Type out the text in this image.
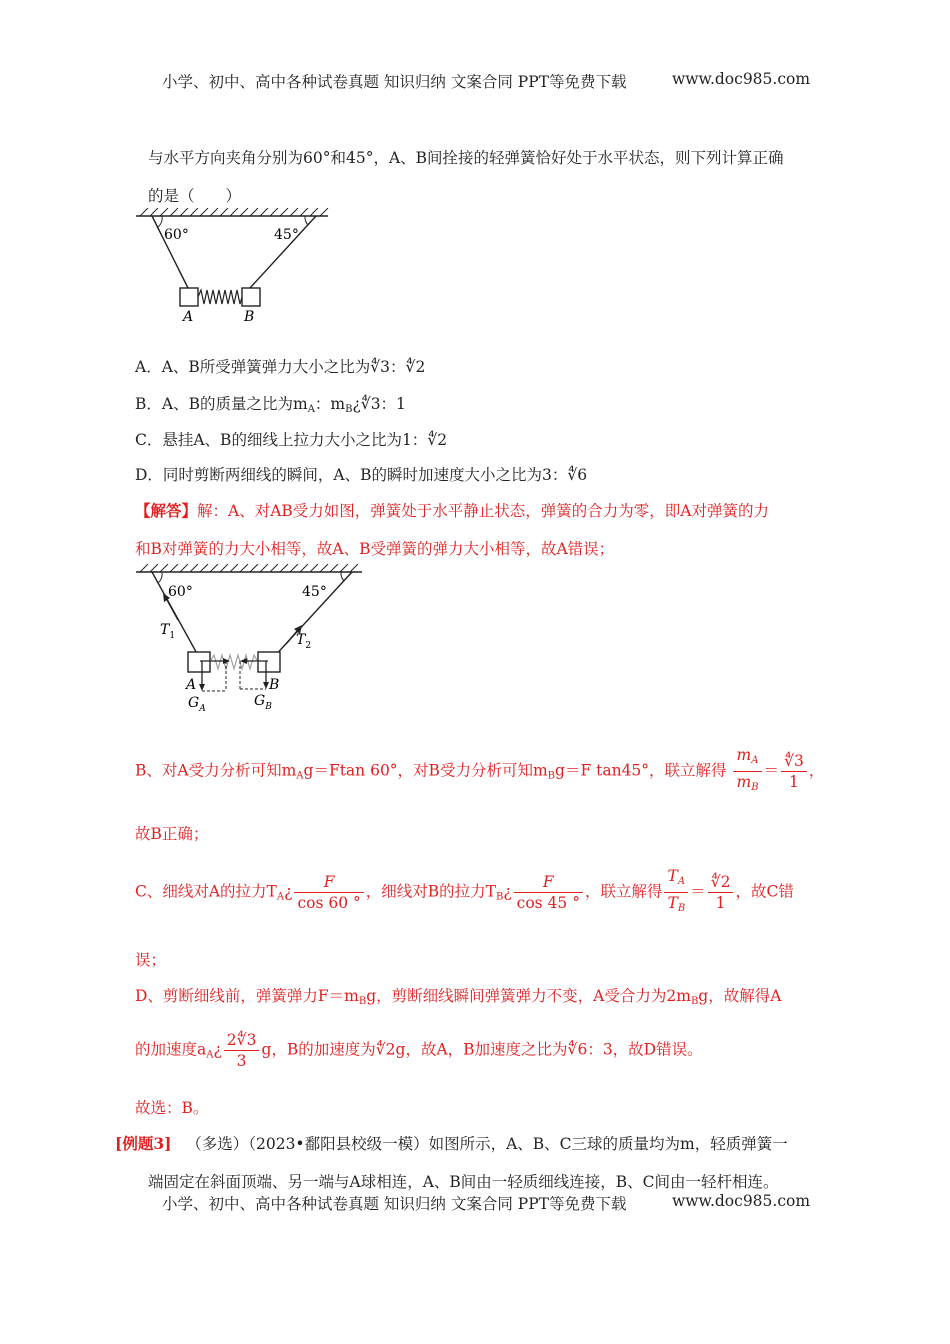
小学、初中、高中各种试卷真题 知识归纳 文案合同 PPT等免费下载	www.doc985.com
与水平方向夹角分别为60°和45°，A、B间拴接的轻弹簧恰好处于水平状态，则下列计算正确
的是（　　）
60°	45°
A	B
A．A、B所受弹簧弹力大小之比为∜3：∜2
B．A、B的质量之比为$m_A$：$m_B¿∜3$：1
C．悬挂A、B的细线上拉力大小之比为1：∜2
D．同时剪断两细线的瞬间，A、B的瞬时加速度大小之比为3：∜6
【解答】解：A、对AB受力如图，弹簧处于水平静止状态，弹簧的合力为零，即A对弹簧的力
和B对弹簧的力大小相等，故A、B受弹簧的弹力大小相等，故A错误；
60°	45°
$T_1$	$T_2$
A	B
$G_A$	$G_B$
B、对A受力分析可知$m_Ag=Ftan$ 60°，对B受力分析可知$m_Bg=F$ tan45°，联立解得 $\frac{m_A}{m_B} = \frac{∜3}{1}$ ，
故B正确；
C、细线对A的拉力$T_A¿ \frac{F}{\cos 60 ^\circ}$ ，细线对B的拉力$T_B¿ \frac{F}{\cos 45 ^\circ}$ ，联立解得 $\frac{T_A}{T_B} = \frac{∜2}{1}$ ，故C错
误；
D、剪断细线前，弹簧弹力$F=m_Bg$，剪断细线瞬间弹簧弹力不变，A受合力为$2m_Bg$，故解得A
的加速度$a_A¿ \frac{2∜3}{3}$ g，B的加速度为∜2g，故A，B加速度之比为∜6：3，故D错误。
故选：B。
[例题3] （多选）（2023•鄱阳县校级一模）如图所示，A、B、C三球的质量均为m，轻质弹簧一
端固定在斜面顶端、另一端与A球相连，A、B间由一轻质细线连接，B、C间由一轻杆相连。
小学、初中、高中各种试卷真题 知识归纳 文案合同 PPT等免费下载	www.doc985.com
